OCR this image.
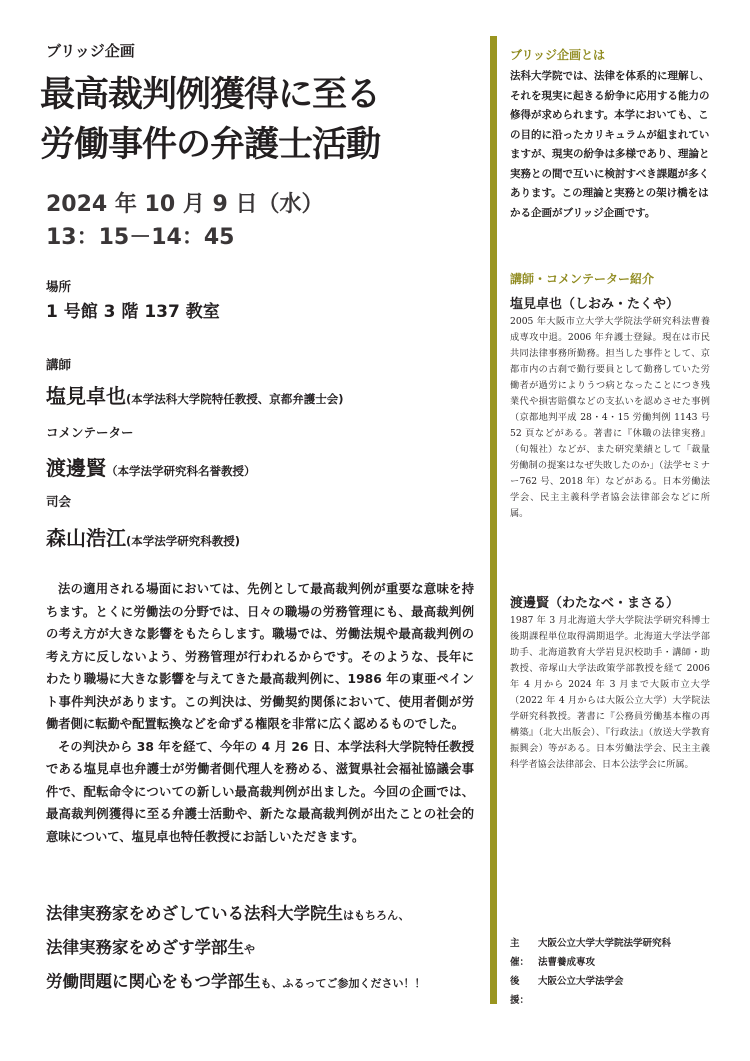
ブリッジ企画
最高裁判例獲得に至る
労働事件の弁護士活動
2024 年 10 月 9 日（水）
13：15－14：45
場所
1 号館 3 階 137 教室
講師
塩見卓也(本学法科大学院特任教授、京都弁護士会)
コメンテーター
渡邊賢（本学法学研究科名誉教授）
司会
森山浩江(本学法学研究科教授)

法の適用される場面においては、先例として最高裁判例が重要な意味を持ちます。とくに労働法の分野では、日々の職場の労務管理にも、最高裁判例の考え方が大きな影響をもたらします。職場では、労働法規や最高裁判例の考え方に反しないよう、労務管理が行われるからです。そのような、長年にわたり職場に大きな影響を与えてきた最高裁判例に、1986 年の東亜ペイント事件判決があります。この判決は、労働契約関係において、使用者側が労働者側に転勤や配置転換などを命ずる権限を非常に広く認めるものでした。

その判決から 38 年を経て、今年の 4 月 26 日、本学法科大学院特任教授である塩見卓也弁護士が労働者側代理人を務める、滋賀県社会福祉協議会事件で、配転命令についての新しい最高裁判例が出ました。今回の企画では、最高裁判例獲得に至る弁護士活動や、新たな最高裁判例が出たことの社会的意味について、塩見卓也特任教授にお話しいただきます。

法律実務家をめざしている法科大学院生はもちろん、
法律実務家をめざす学部生や
労働問題に関心をもつ学部生も、ふるってご参加ください！！
ブリッジ企画とは
法科大学院では、法律を体系的に理解し、それを現実に起きる紛争に応用する能力の修得が求められます。本学においても、この目的に沿ったカリキュラムが組まれていますが、現実の紛争は多様であり、理論と実務との間で互いに検討すべき課題が多くあります。この理論と実務との架け橋をはかる企画がブリッジ企画です。
講師・コメンテーター紹介
塩見卓也（しおみ・たくや）
2005 年大阪市立大学大学院法学研究科法曹養成専攻中退。2006 年弁護士登録。現在は市民共同法律事務所勤務。担当した事件として、京都市内の古刹で勤行要員として勤務していた労働者が過労によりうつ病となったことにつき残業代や損害賠償などの支払いを認めさせた事例（京都地判平成 28・4・15 労働判例 1143 号 52 頁などがある。著書に『休職の法律実務』（旬報社）などが、また研究業績として「裁量労働制の提案はなぜ失敗したのか」（法学セミナー762 号、2018 年）などがある。日本労働法学会、民主主義科学者協会法律部会などに所属。
渡邊賢（わたなべ・まさる）
1987 年 3 月北海道大学大学院法学研究科博士後期課程単位取得満期退学。北海道大学法学部助手、北海道教育大学岩見沢校助手・講師・助教授、帝塚山大学法政策学部教授を経て 2006 年 4 月から 2024 年 3 月まで大阪市立大学（2022 年 4 月からは大阪公立大学）大学院法学研究科教授。著書に『公務員労働基本権の再構築』（北大出版会）、『行政法』（放送大学教育振興会）等がある。日本労働法学会、民主主義科学者協会法律部会、日本公法学会に所属。
主催：
大阪公立大学大学院法学研究科
法曹養成専攻
後援：
大阪公立大学法学会
